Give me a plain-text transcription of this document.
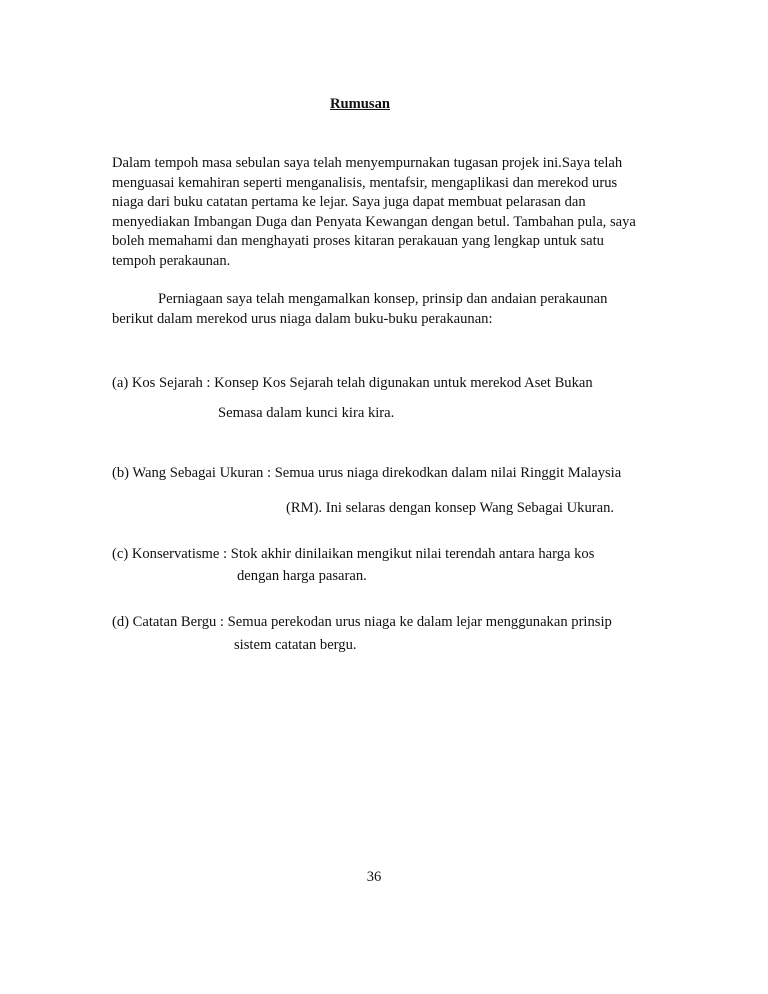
Rumusan
Dalam tempoh masa sebulan saya telah menyempurnakan tugasan projek ini.Saya telah
menguasai kemahiran seperti menganalisis, mentafsir, mengaplikasi dan merekod urus
niaga dari buku catatan pertama ke lejar. Saya juga dapat membuat pelarasan dan
menyediakan Imbangan Duga dan Penyata Kewangan dengan betul. Tambahan pula, saya
boleh memahami dan menghayati proses kitaran perakauan yang lengkap untuk satu
tempoh perakaunan.
Perniagaan saya telah mengamalkan konsep, prinsip dan andaian perakaunan
berikut dalam merekod urus niaga dalam buku-buku perakaunan:
(a) Kos Sejarah : Konsep Kos Sejarah telah digunakan untuk merekod Aset Bukan
Semasa dalam kunci kira kira.
(b) Wang Sebagai Ukuran : Semua urus niaga direkodkan dalam nilai Ringgit Malaysia
(RM). Ini selaras dengan konsep Wang Sebagai Ukuran.
(c) Konservatisme : Stok akhir dinilaikan mengikut nilai terendah antara harga kos
dengan harga pasaran.
(d) Catatan Bergu : Semua perekodan urus niaga ke dalam lejar menggunakan prinsip
sistem catatan bergu.
36
